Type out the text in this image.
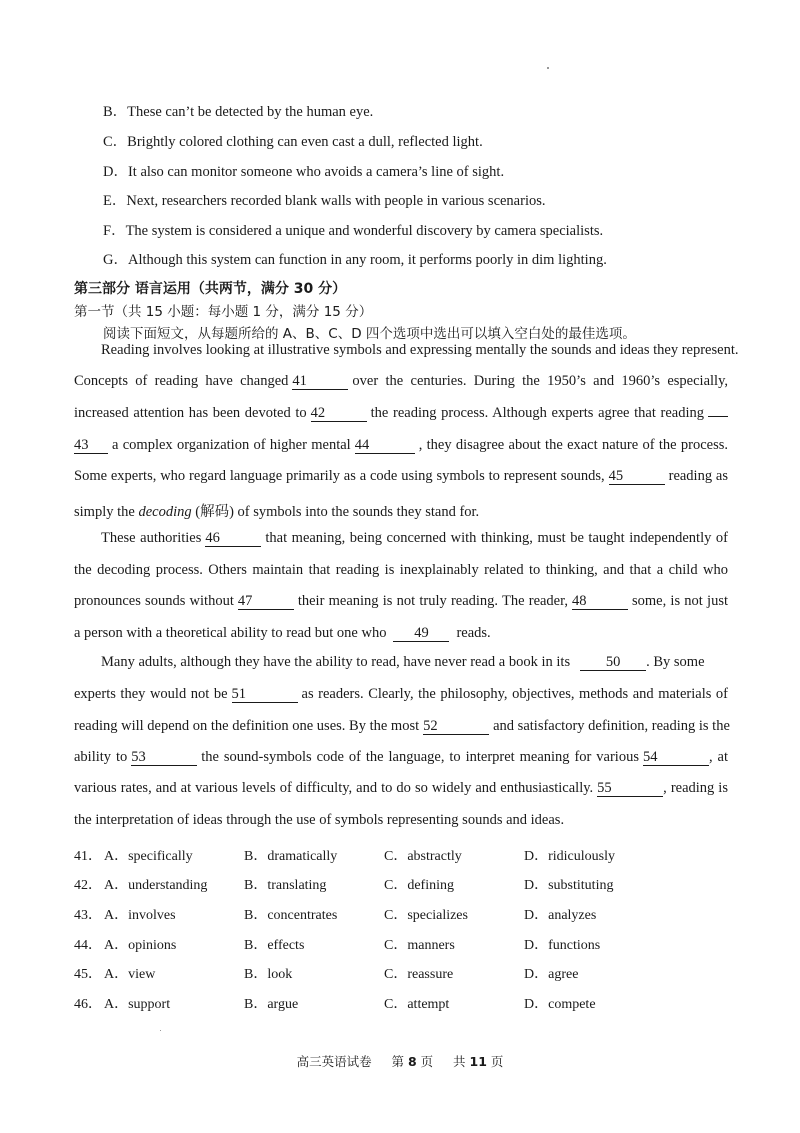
B．These can’t be detected by the human eye.
C．Brightly colored clothing can even cast a dull, reflected light.
D．It also can monitor someone who avoids a camera’s line of sight.
E．Next, researchers recorded blank walls with people in various scenarios.
F．The system is considered a unique and wonderful discovery by camera specialists.
G．Although this system can function in any room, it performs poorly in dim lighting.
第三部分 语言运用（共两节，满分 30 分）
第一节（共 15 小题：每小题 1 分，满分 15 分）
阅读下面短文，从每题所给的 A、B、C、D 四个选项中选出可以填入空白处的最佳选项。
Reading involves looking at illustrative symbols and expressing mentally the sounds and ideas they represent.
Concepts of reading have changed 41	over the centuries. During the 1950’s and 1960’s especially,
increased attention has been devoted to 42	the reading process. Although experts agree that reading
43 a complex organization of higher mental 44	, they disagree about the exact nature of the process.
Some experts, who regard language primarily as a code using symbols to represent sounds, 45	reading as
simply the decoding (解码) of symbols into the sounds they stand for.
These authorities 46	that meaning, being concerned with thinking, must be taught independently of
the decoding process. Others maintain that reading is inexplainably related to thinking, and that a child who
pronounces sounds without 47	their meaning is not truly reading. The reader, 48	some, is not just
a person with a theoretical ability to read but one who 49 reads.
Many adults, although they have the ability to read, have never read a book in its 50 . By some
experts they would not be 51	as readers. Clearly, the philosophy, objectives, methods and materials of
reading will depend on the definition one uses. By the most 52	and satisfactory definition, reading is the
ability to 53	the sound-symbols code of the language, to interpret meaning for various 54	, at
various rates, and at various levels of difficulty, and to do so widely and enthusiastically. 55	, reading is
the interpretation of ideas through the use of symbols representing sounds and ideas.
41．	A．specifically	B．dramatically	C．abstractly	D．ridiculously
42．	A．understanding	B．translating	C．defining	D．substituting
43．	A．involves	B．concentrates	C．specializes	D．analyzes
44．	A．opinions	B．effects	C．manners	D．functions
45．	A．view	B．look	C．reassure	D．agree
46．	A．support	B．argue	C．attempt	D．compete
高三英语试卷 第 8 页 共 11 页
